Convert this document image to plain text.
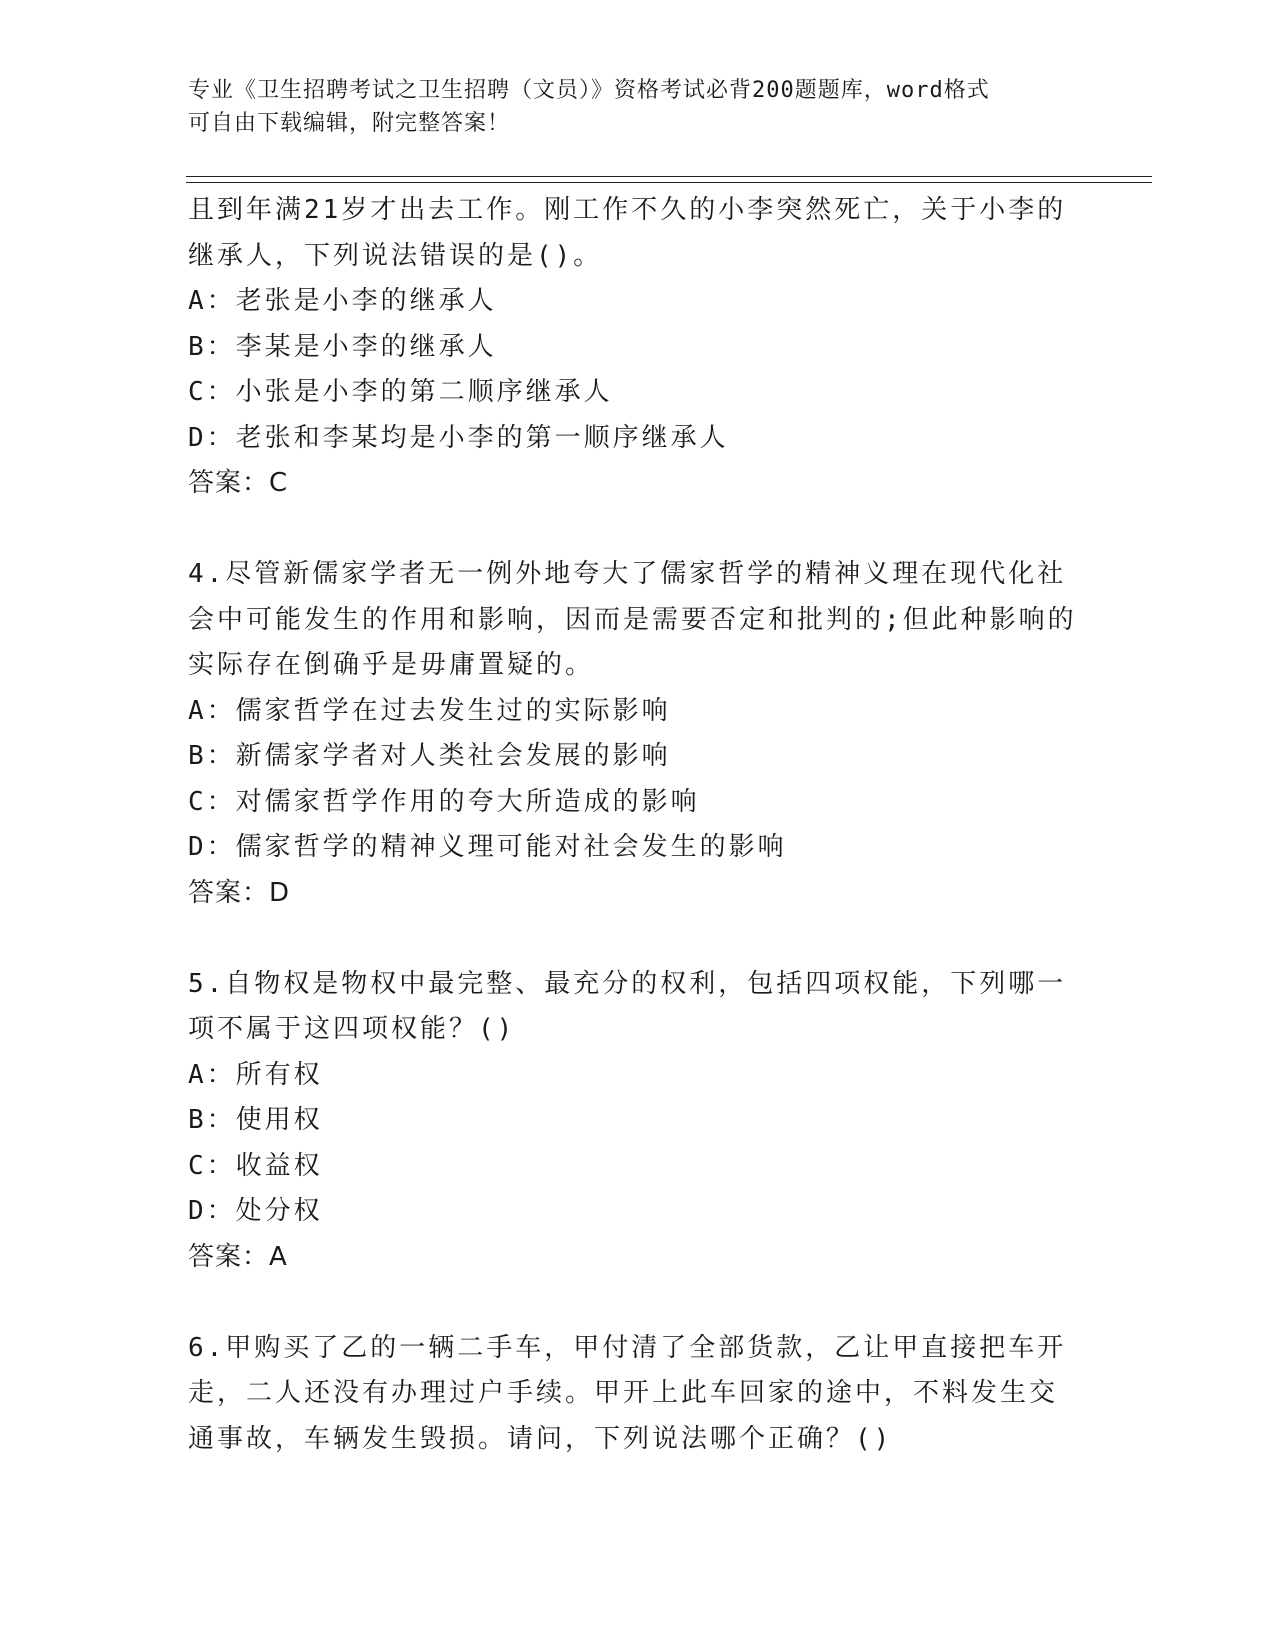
专业《卫生招聘考试之卫生招聘（文员）》资格考试必背200题题库，word格式
可自由下载编辑，附完整答案！
且到年满21岁才出去工作。刚工作不久的小李突然死亡，关于小李的
继承人，下列说法错误的是()。
A：老张是小李的继承人
B：李某是小李的继承人
C：小张是小李的第二顺序继承人
D：老张和李某均是小李的第一顺序继承人
答案：C
4.尽管新儒家学者无一例外地夸大了儒家哲学的精神义理在现代化社
会中可能发生的作用和影响，因而是需要否定和批判的;但此种影响的
实际存在倒确乎是毋庸置疑的。
A：儒家哲学在过去发生过的实际影响
B：新儒家学者对人类社会发展的影响
C：对儒家哲学作用的夸大所造成的影响
D：儒家哲学的精神义理可能对社会发生的影响
答案：D
5.自物权是物权中最完整、最充分的权利，包括四项权能，下列哪一
项不属于这四项权能？()
A：所有权
B：使用权
C：收益权
D：处分权
答案：A
6.甲购买了乙的一辆二手车，甲付清了全部货款，乙让甲直接把车开
走，二人还没有办理过户手续。甲开上此车回家的途中，不料发生交
通事故，车辆发生毁损。请问，下列说法哪个正确？()
